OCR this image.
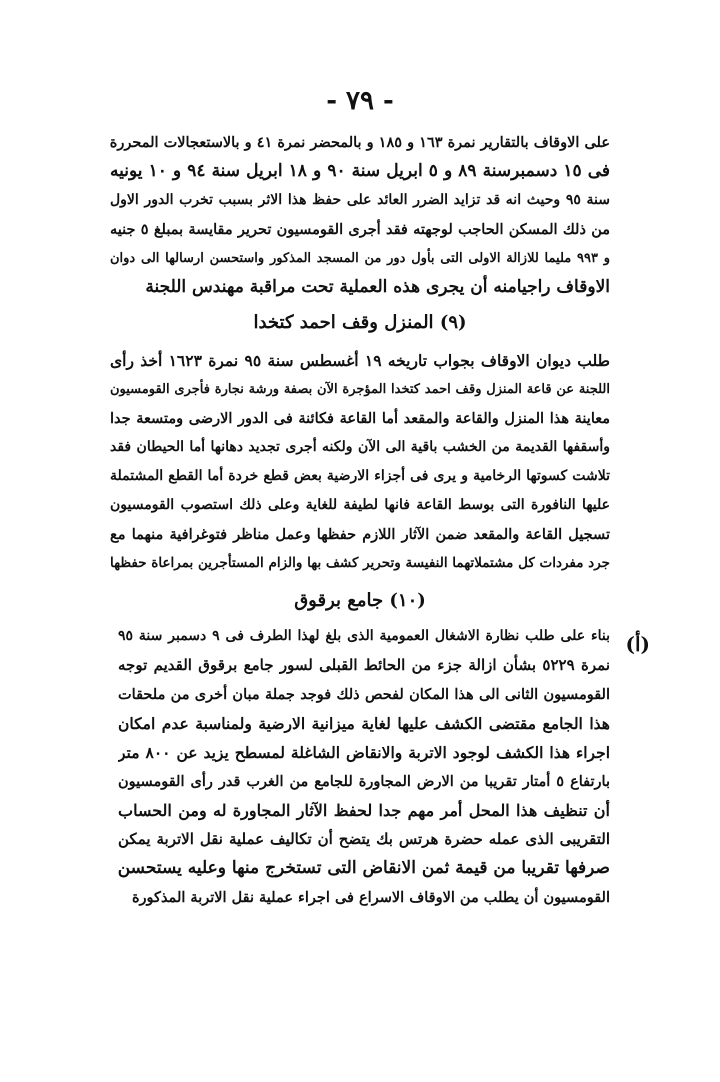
- ٧٩ -
على الاوقاف بالتقارير نمرة ١٦٣ و ١٨٥ و بالمحضر نمرة ٤١ و بالاستعجالات المحررة
فى ١٥ دسمبرسنة ٨٩ و ٥ ابريل سنة ٩٠ و ١٨ ابريل سنة ٩٤ و ١٠ يونيه
سنة ٩٥ وحيث انه قد تزايد الضرر العائد على حفظ هذا الاثر بسبب تخرب الدور الاول
من ذلك المسكن الحاجب لوجهته فقد أجرى القومسيون تحرير مقايسة بمبلغ ٥ جنيه
و ٩٩٣ مليما للازالة الاولى التى بأول دور من المسجد المذكور واستحسن ارسالها الى دوان
الاوقاف راجيامنه أن يجرى هذه العملية تحت مراقبة مهندس اللجنة
(٩) المنزل وقف احمد كتخدا
طلب ديوان الاوقاف بجواب تاريخه ١٩ أغسطس سنة ٩٥ نمرة ١٦٢٣ أخذ رأى
اللجنة عن قاعة المنزل وقف احمد كتخدا المؤجرة الآن بصفة ورشة نجارة فأجرى القومسيون
معاينة هذا المنزل والقاعة والمقعد أما القاعة فكائنة فى الدور الارضى ومتسعة جدا
وأسقفها القديمة من الخشب باقية الى الآن ولكنه أجرى تجديد دهانها أما الحيطان فقد
تلاشت كسوتها الرخامية و يرى فى أجزاء الارضية بعض قطع خردة أما القطع المشتملة
عليها النافورة التى بوسط القاعة فانها لطيفة للغاية وعلى ذلك استصوب القومسيون
تسجيل القاعة والمقعد ضمن الآثار اللازم حفظها وعمل مناظر فتوغرافية منهما مع
جرد مفردات كل مشتملاتهما النفيسة وتحرير كشف بها والزام المستأجرين بمراعاة حفظها
(١٠) جامع برقوق
(أ)
بناء على طلب نظارة الاشغال العمومية الذى بلغ لهذا الطرف فى ٩ دسمبر سنة ٩٥
نمرة ٥٢٢٩ بشأن ازالة جزء من الحائط القبلى لسور جامع برقوق القديم توجه
القومسيون الثانى الى هذا المكان لفحص ذلك فوجد جملة مبان أخرى من ملحقات
هذا الجامع مقتضى الكشف عليها لغاية ميزانية الارضية ولمناسبة عدم امكان
اجراء هذا الكشف لوجود الاتربة والانقاض الشاغلة لمسطح يزيد عن ٨٠٠ متر
بارتفاع ٥ أمتار تقريبا من الارض المجاورة للجامع من الغرب قدر رأى القومسيون
أن تنظيف هذا المحل أمر مهم جدا لحفظ الآثار المجاورة له ومن الحساب
التقريبى الذى عمله حضرة هرتس بك يتضح أن تكاليف عملية نقل الاتربة يمكن
صرفها تقريبا من قيمة ثمن الانقاض التى تستخرج منها وعليه يستحسن
القومسيون أن يطلب من الاوقاف الاسراع فى اجراء عملية نقل الاتربة المذكورة
